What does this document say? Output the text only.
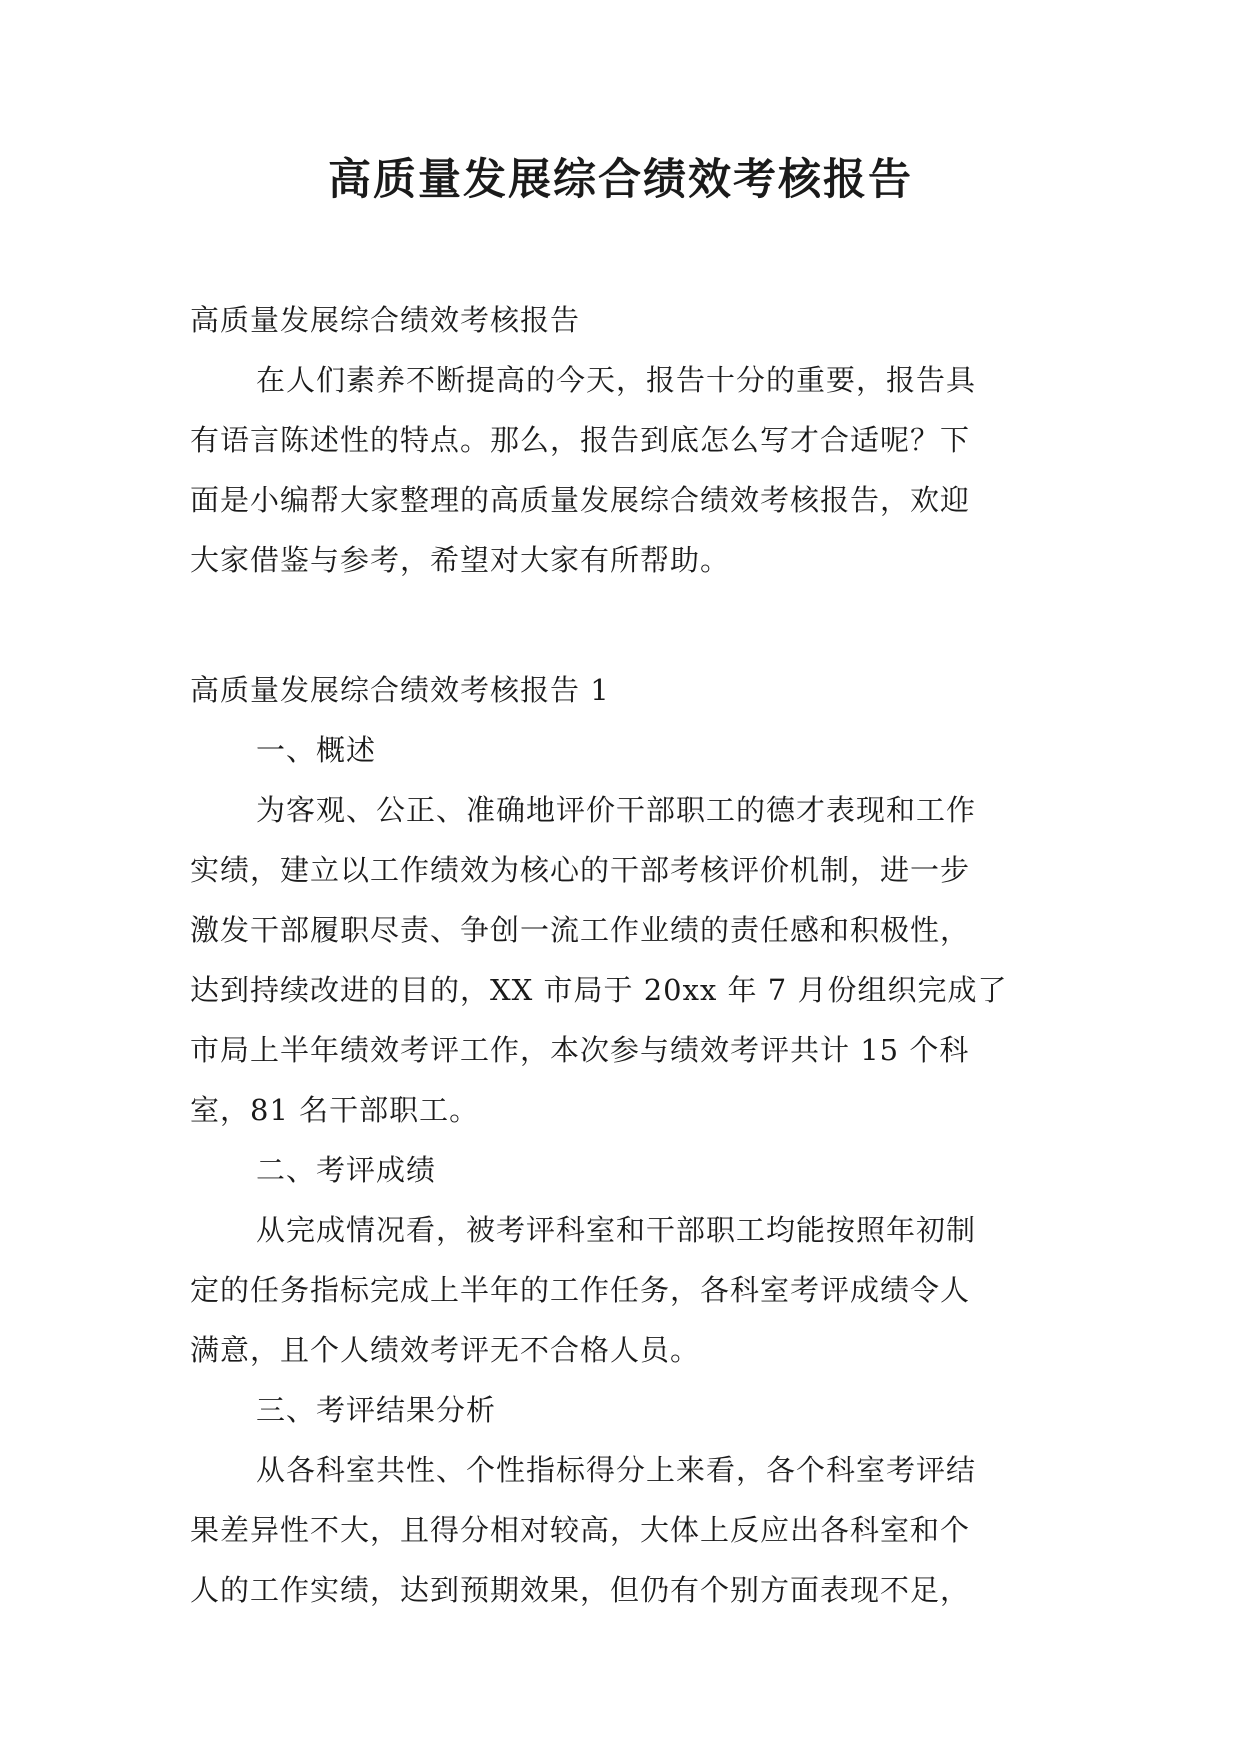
高质量发展综合绩效考核报告

高质量发展综合绩效考核报告

在人们素养不断提高的今天，报告十分的重要，报告具

有语言陈述性的特点。那么，报告到底怎么写才合适呢？下

面是小编帮大家整理的高质量发展综合绩效考核报告，欢迎

大家借鉴与参考，希望对大家有所帮助。

高质量发展综合绩效考核报告 1

一、概述

为客观、公正、准确地评价干部职工的德才表现和工作

实绩，建立以工作绩效为核心的干部考核评价机制，进一步

激发干部履职尽责、争创一流工作业绩的责任感和积极性，

达到持续改进的目的，XX 市局于 20xx 年 7 月份组织完成了

市局上半年绩效考评工作，本次参与绩效考评共计 15 个科

室，81 名干部职工。

二、考评成绩

从完成情况看，被考评科室和干部职工均能按照年初制

定的任务指标完成上半年的工作任务，各科室考评成绩令人

满意，且个人绩效考评无不合格人员。

三、考评结果分析

从各科室共性、个性指标得分上来看，各个科室考评结

果差异性不大，且得分相对较高，大体上反应出各科室和个

人的工作实绩，达到预期效果，但仍有个别方面表现不足，
